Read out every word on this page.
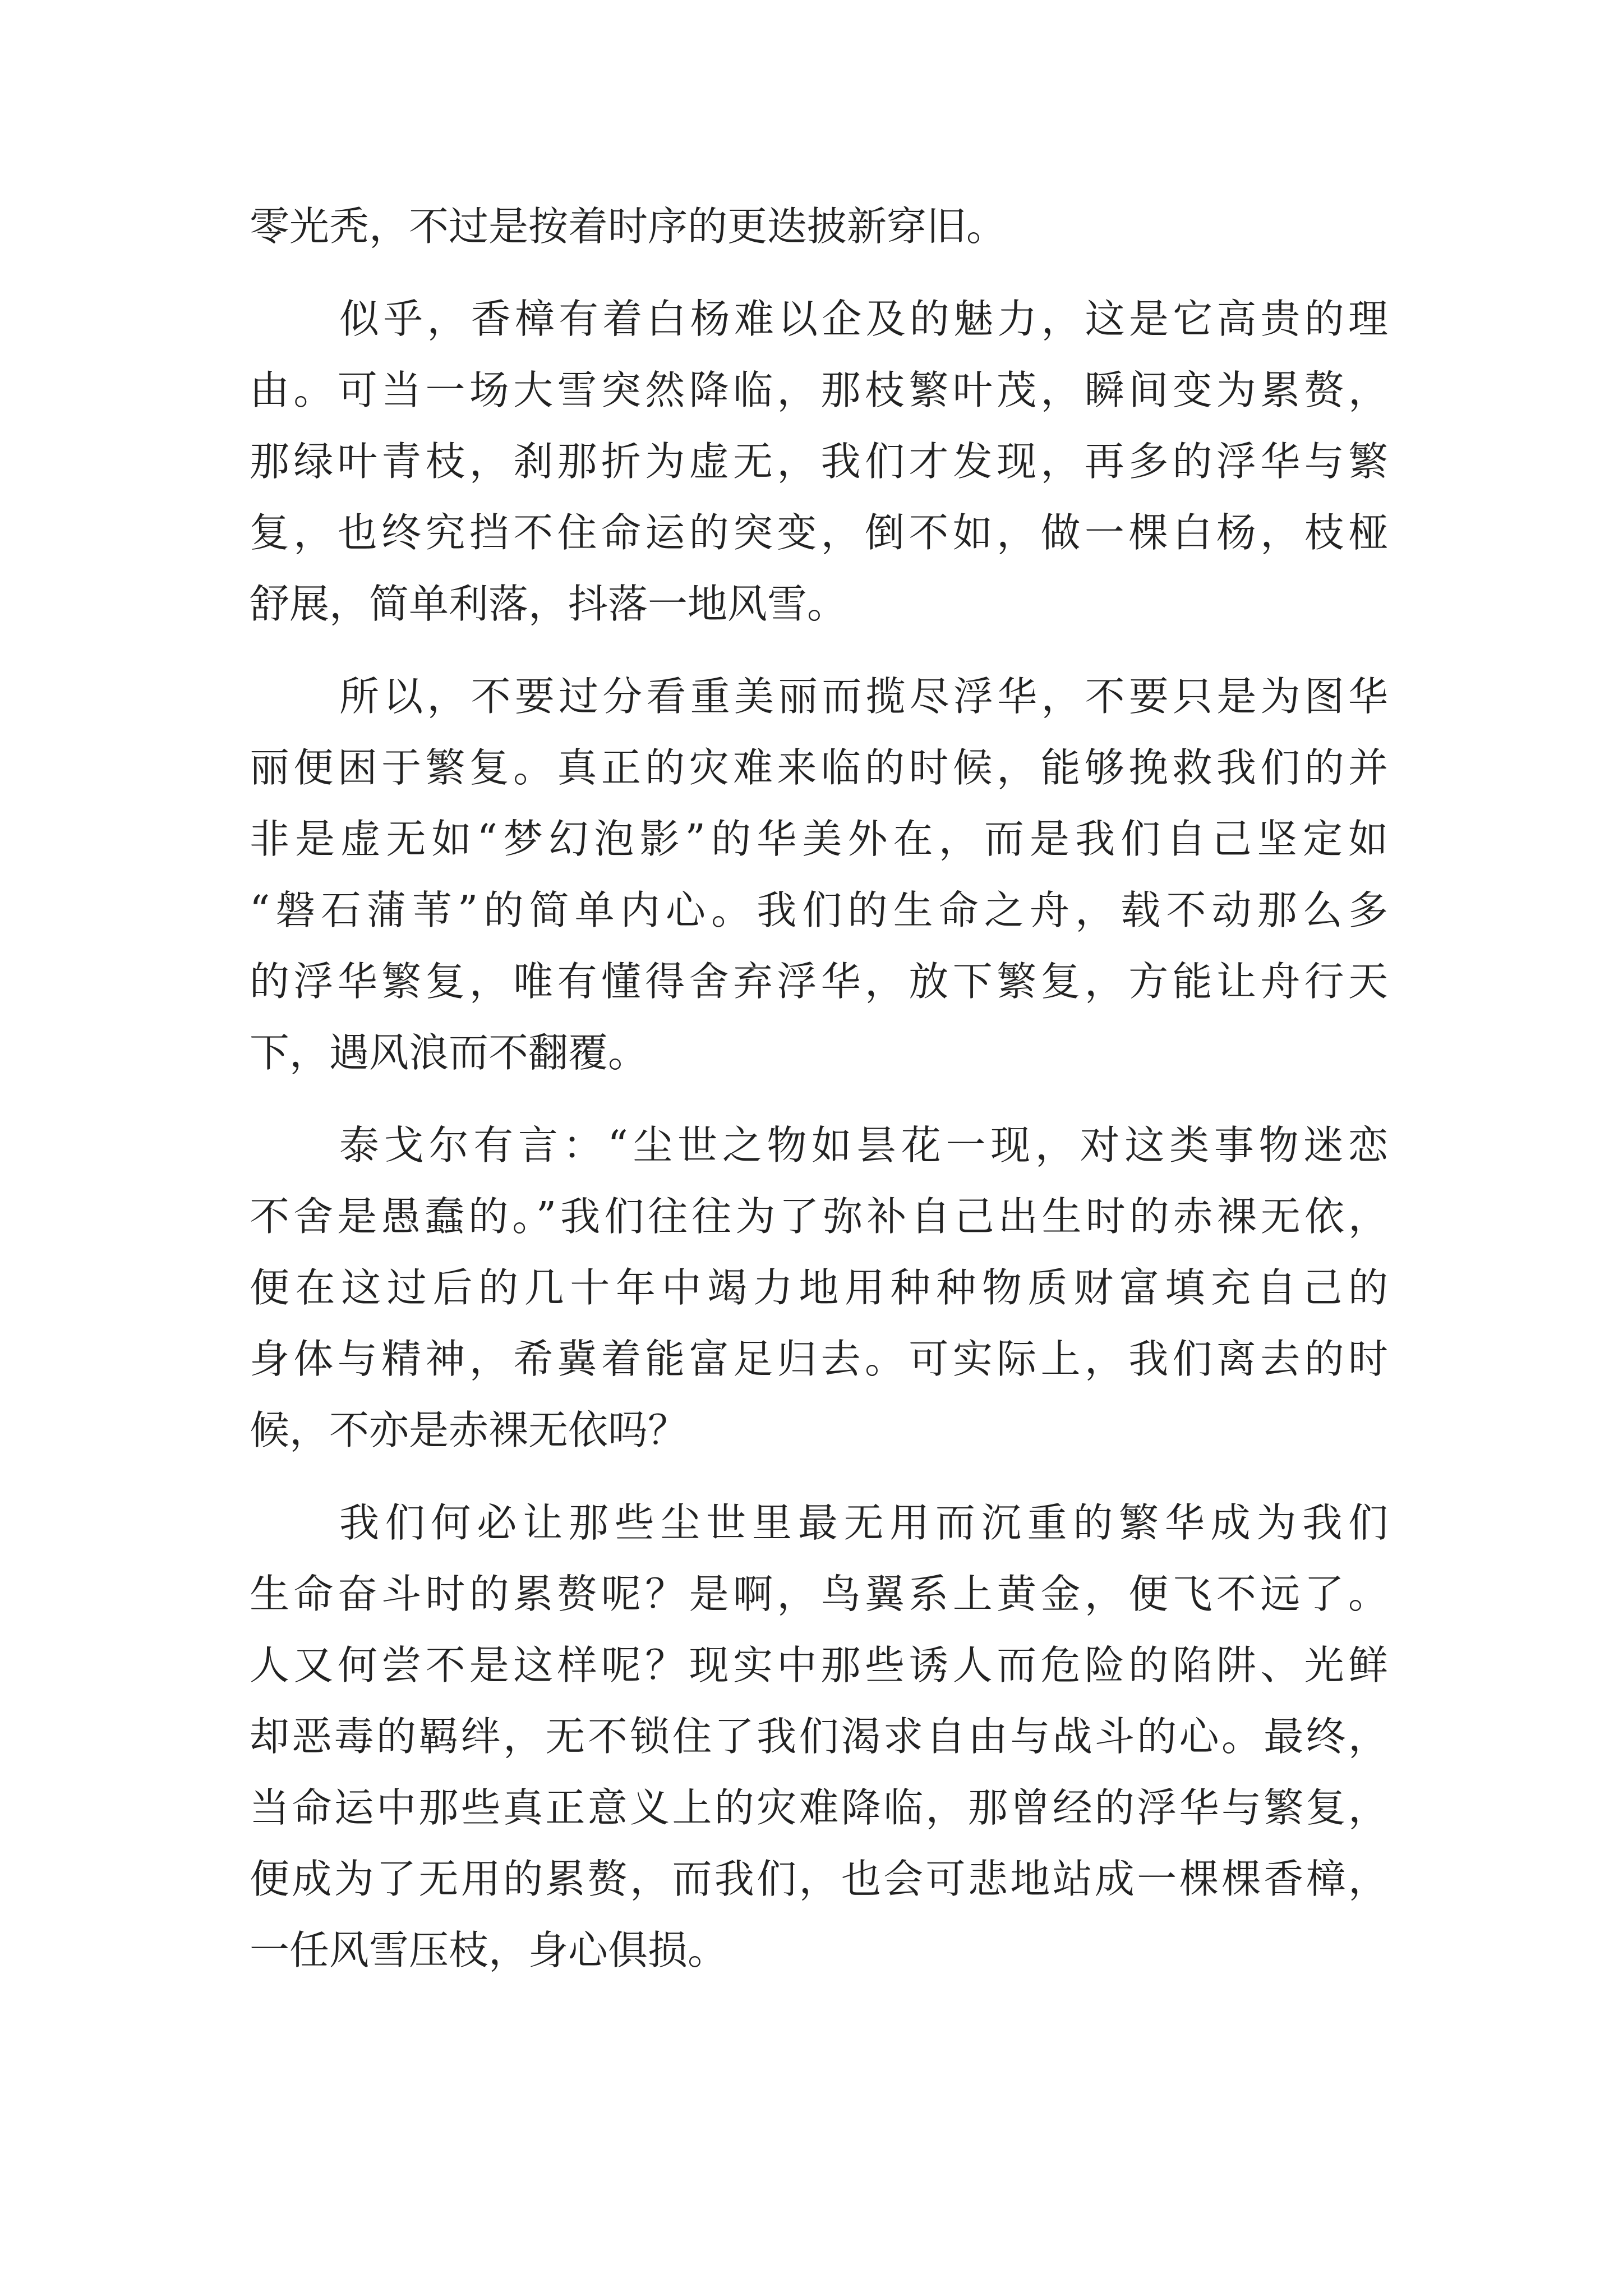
零光秃，不过是按着时序的更迭披新穿旧。
似乎，香樟有着白杨难以企及的魅力，这是它高贵的理
由。可当一场大雪突然降临，那枝繁叶茂，瞬间变为累赘，
那绿叶青枝，刹那折为虚无，我们才发现，再多的浮华与繁
复，也终究挡不住命运的突变，倒不如，做一棵白杨，枝桠
舒展，简单利落，抖落一地风雪。
所以，不要过分看重美丽而揽尽浮华，不要只是为图华
丽便困于繁复。真正的灾难来临的时候，能够挽救我们的并
非是虚无如“梦幻泡影”的华美外在，而是我们自己坚定如
“磐石蒲苇”的简单内心。我们的生命之舟，载不动那么多
的浮华繁复，唯有懂得舍弃浮华，放下繁复，方能让舟行天
下，遇风浪而不翻覆。
泰戈尔有言：“尘世之物如昙花一现，对这类事物迷恋
不舍是愚蠢的。”我们往往为了弥补自己出生时的赤裸无依，
便在这过后的几十年中竭力地用种种物质财富填充自己的
身体与精神，希冀着能富足归去。可实际上，我们离去的时
候，不亦是赤裸无依吗？
我们何必让那些尘世里最无用而沉重的繁华成为我们
生命奋斗时的累赘呢？是啊，鸟翼系上黄金，便飞不远了。
人又何尝不是这样呢？现实中那些诱人而危险的陷阱、光鲜
却恶毒的羁绊，无不锁住了我们渴求自由与战斗的心。最终，
当命运中那些真正意义上的灾难降临，那曾经的浮华与繁复，
便成为了无用的累赘，而我们，也会可悲地站成一棵棵香樟，
一任风雪压枝，身心俱损。
